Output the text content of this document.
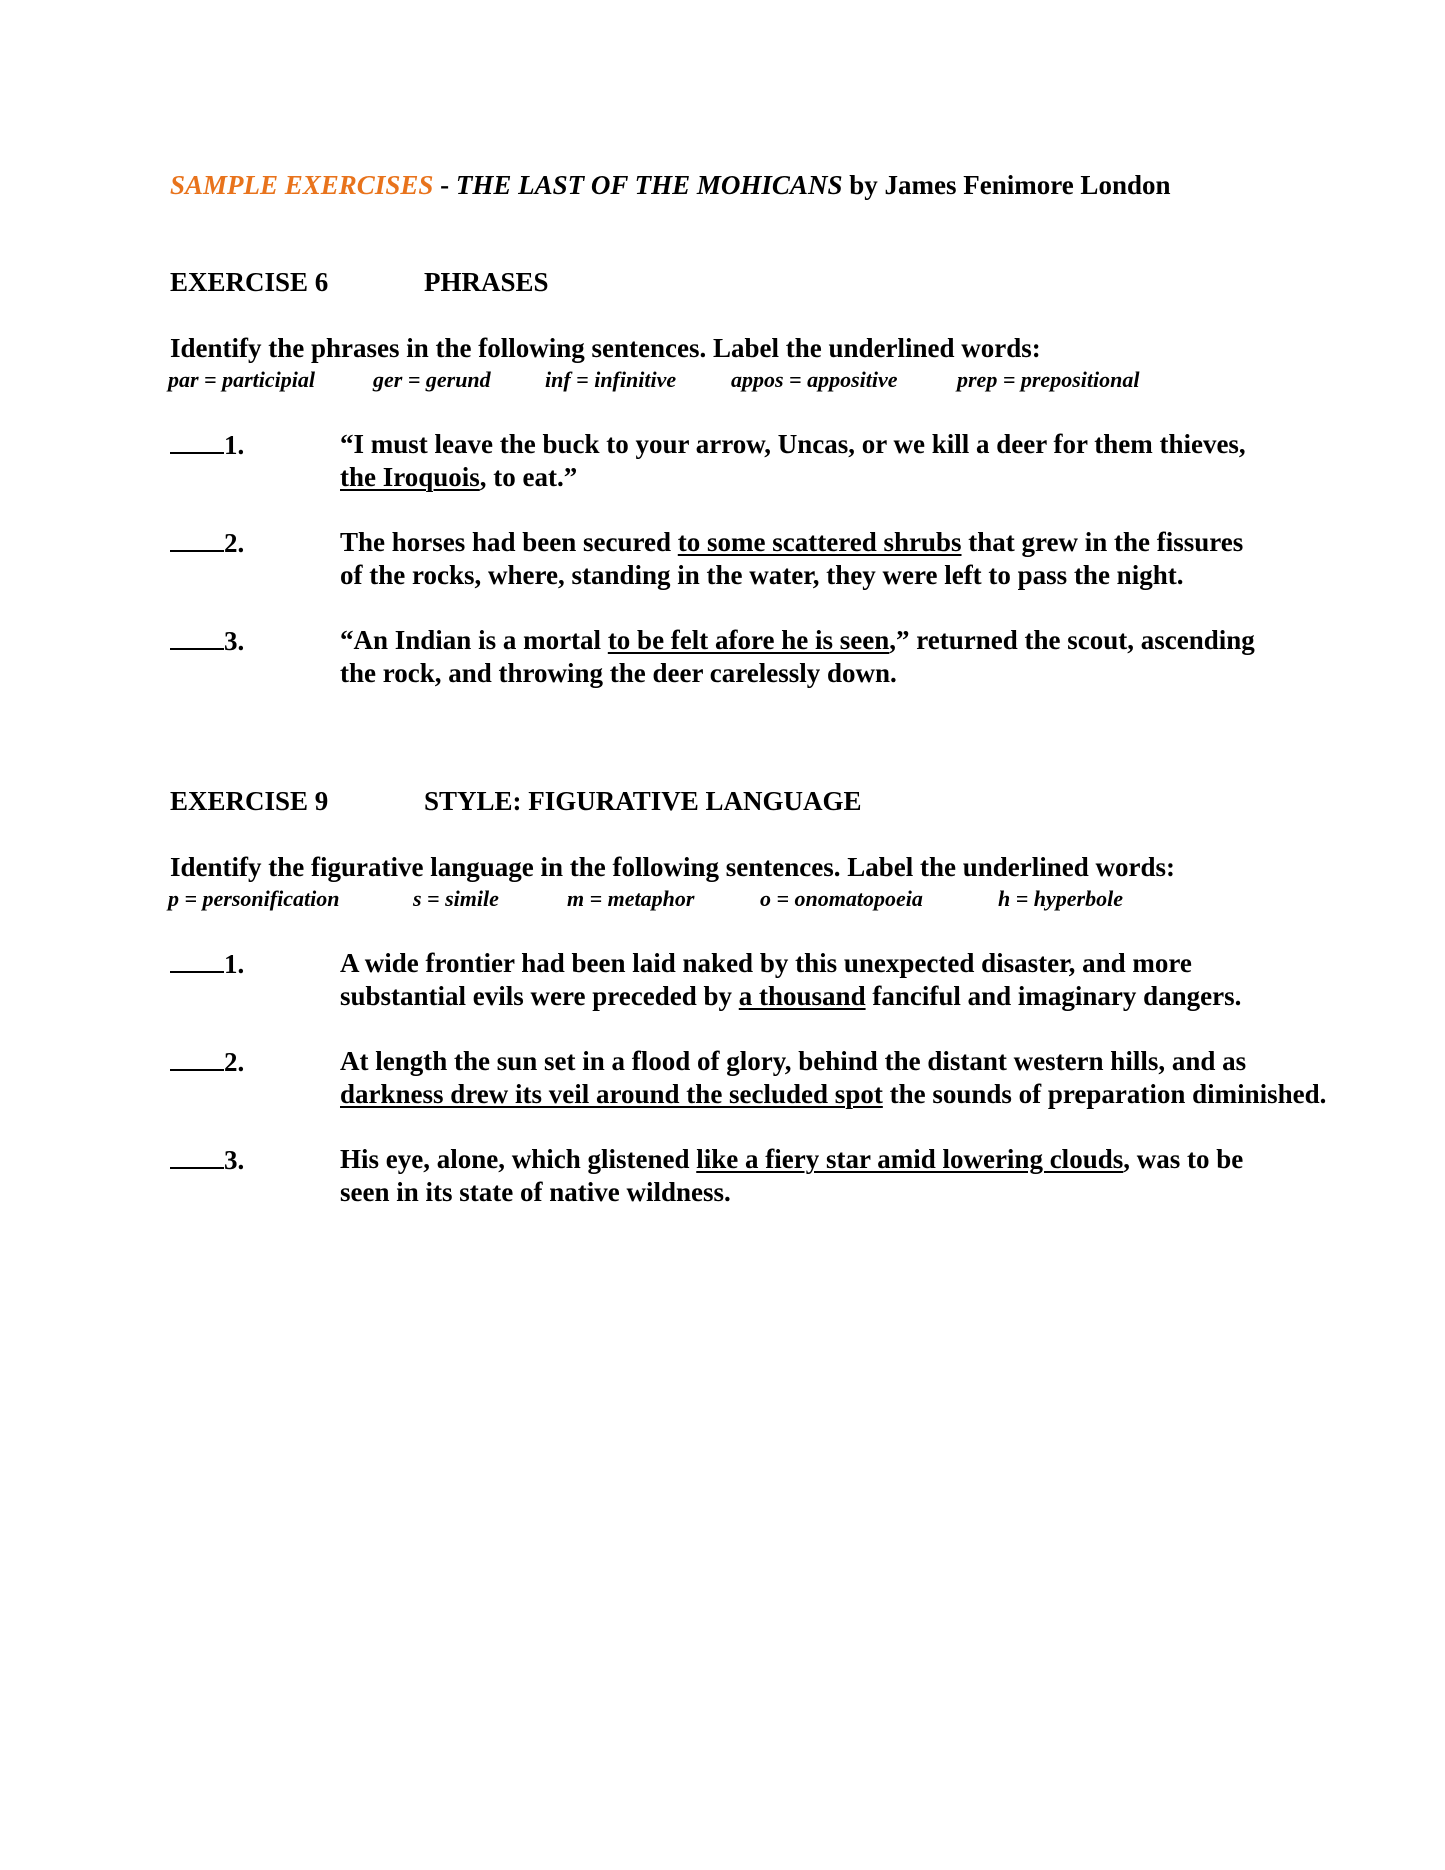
SAMPLE EXERCISES - THE LAST OF THE MOHICANS by James Fenimore London
EXERCISE 6	PHRASES
Identify the phrases in the following sentences. Label the underlined words:
par = participial	ger = gerund inf = infinitive appos = appositive	prep = prepositional
1.	“I must leave the buck to your arrow, Uncas, or we kill a deer for them thieves,
the Iroquois, to eat.”
2.	The horses had been secured to some scattered shrubs that grew in the fissures
of the rocks, where, standing in the water, they were left to pass the night.
3.	“An Indian is a mortal to be felt afore he is seen,” returned the scout, ascending
the rock, and throwing the deer carelessly down.
EXERCISE 9	STYLE: FIGURATIVE LANGUAGE
Identify the figurative language in the following sentences. Label the underlined words:
p = personification	s = simile	m = metaphor	o = onomatopoeia	h = hyperbole
1.	A wide frontier had been laid naked by this unexpected disaster, and more
substantial evils were preceded by a thousand fanciful and imaginary dangers.
2.	At length the sun set in a flood of glory, behind the distant western hills, and as
darkness drew its veil around the secluded spot the sounds of preparation diminished.
3.	His eye, alone, which glistened like a fiery star amid lowering clouds, was to be
seen in its state of native wildness.
